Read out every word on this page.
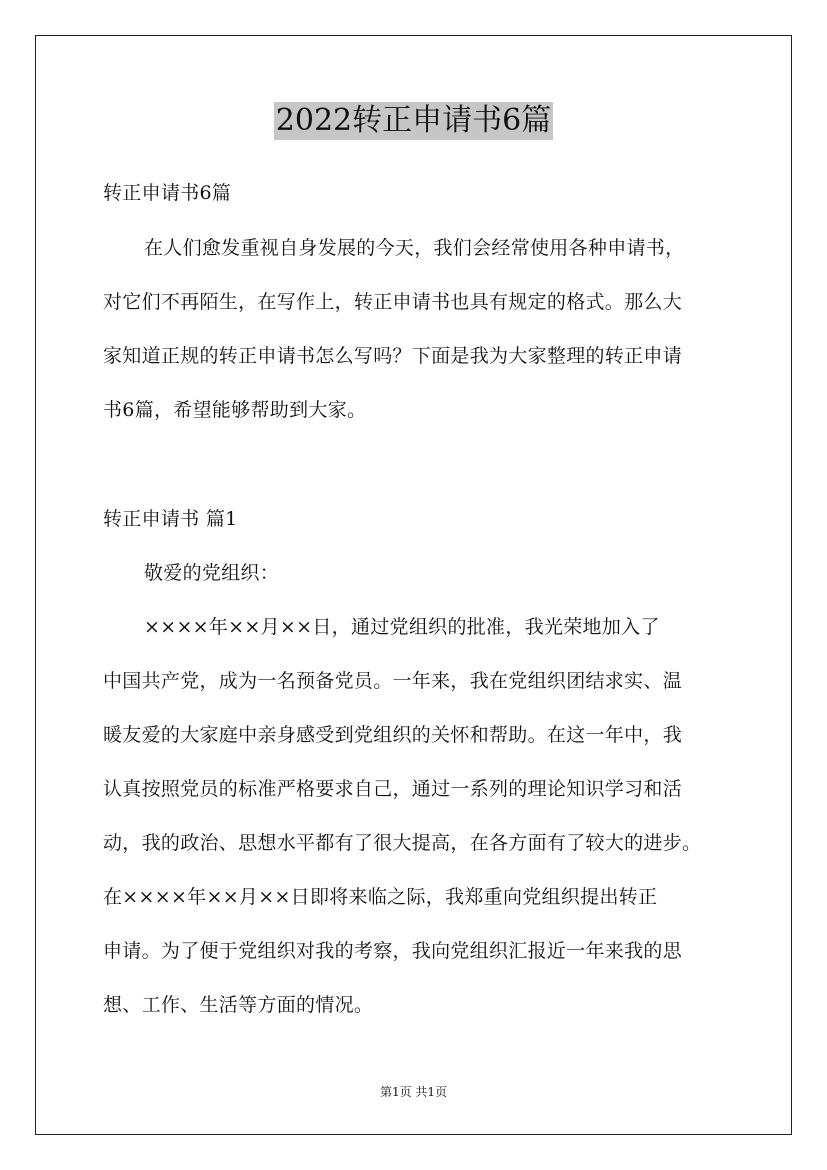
2022转正申请书6篇
转正申请书6篇
在人们愈发重视自身发展的今天，我们会经常使用各种申请书，
对它们不再陌生，在写作上，转正申请书也具有规定的格式。那么大
家知道正规的转正申请书怎么写吗？下面是我为大家整理的转正申请
书6篇，希望能够帮助到大家。
转正申请书 篇1
敬爱的党组织：
××××年××月××日，通过党组织的批准，我光荣地加入了
中国共产党，成为一名预备党员。一年来，我在党组织团结求实、温
暖友爱的大家庭中亲身感受到党组织的关怀和帮助。在这一年中，我
认真按照党员的标准严格要求自己，通过一系列的理论知识学习和活
动，我的政治、思想水平都有了很大提高，在各方面有了较大的进步。
在××××年××月××日即将来临之际，我郑重向党组织提出转正
申请。为了便于党组织对我的考察，我向党组织汇报近一年来我的思
想、工作、生活等方面的情况。
第1页 共1页
